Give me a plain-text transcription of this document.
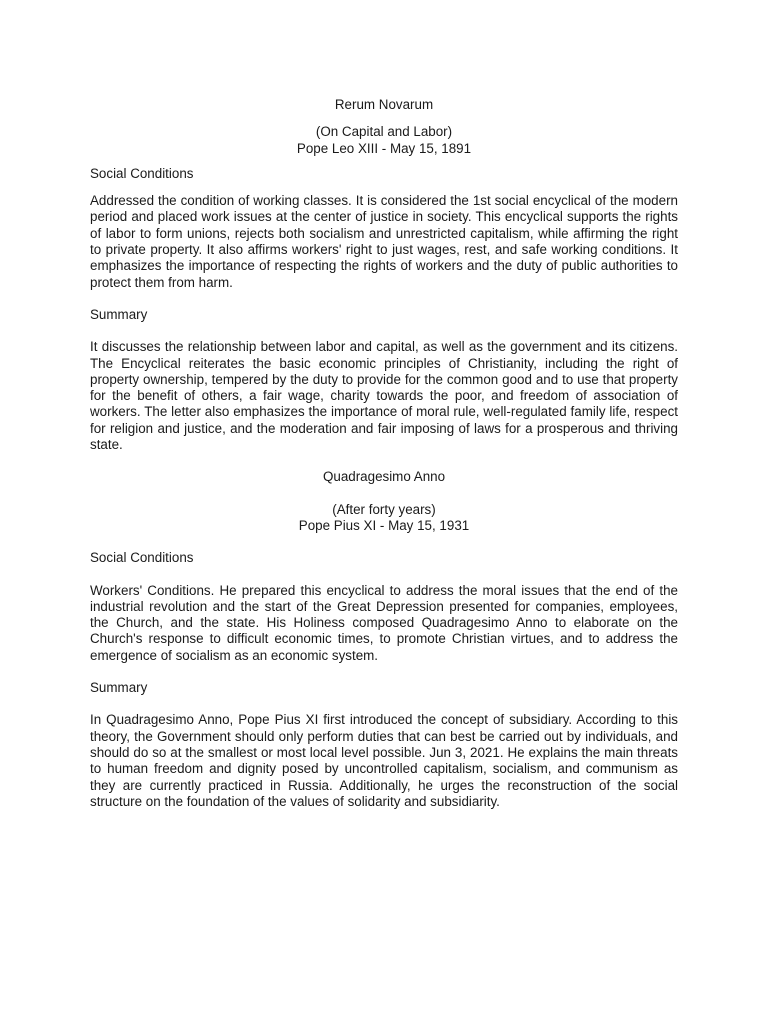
Rerum Novarum

(On Capital and Labor)

Pope Leo XIII - May 15, 1891

Social Conditions

Addressed the condition of working classes. It is considered the 1st social encyclical of the modern period and placed work issues at the center of justice in society. This encyclical supports the rights of labor to form unions, rejects both socialism and unrestricted capitalism, while affirming the right to private property. It also affirms workers' right to just wages, rest, and safe working conditions. It emphasizes the importance of respecting the rights of workers and the duty of public authorities to protect them from harm.

Summary

It discusses the relationship between labor and capital, as well as the government and its citizens. The Encyclical reiterates the basic economic principles of Christianity, including the right of property ownership, tempered by the duty to provide for the common good and to use that property for the benefit of others, a fair wage, charity towards the poor, and freedom of association of workers. The letter also emphasizes the importance of moral rule, well-regulated family life, respect for religion and justice, and the moderation and fair imposing of laws for a prosperous and thriving state.

Quadragesimo Anno

(After forty years)

Pope Pius XI - May 15, 1931

Social Conditions

Workers' Conditions. He prepared this encyclical to address the moral issues that the end of the industrial revolution and the start of the Great Depression presented for companies, employees, the Church, and the state. His Holiness composed Quadragesimo Anno to elaborate on the Church's response to difficult economic times, to promote Christian virtues, and to address the emergence of socialism as an economic system.

Summary

In Quadragesimo Anno, Pope Pius XI first introduced the concept of subsidiary. According to this theory, the Government should only perform duties that can best be carried out by individuals, and should do so at the smallest or most local level possible. Jun 3, 2021. He explains the main threats to human freedom and dignity posed by uncontrolled capitalism, socialism, and communism as they are currently practiced in Russia. Additionally, he urges the reconstruction of the social structure on the foundation of the values of solidarity and subsidiarity.
